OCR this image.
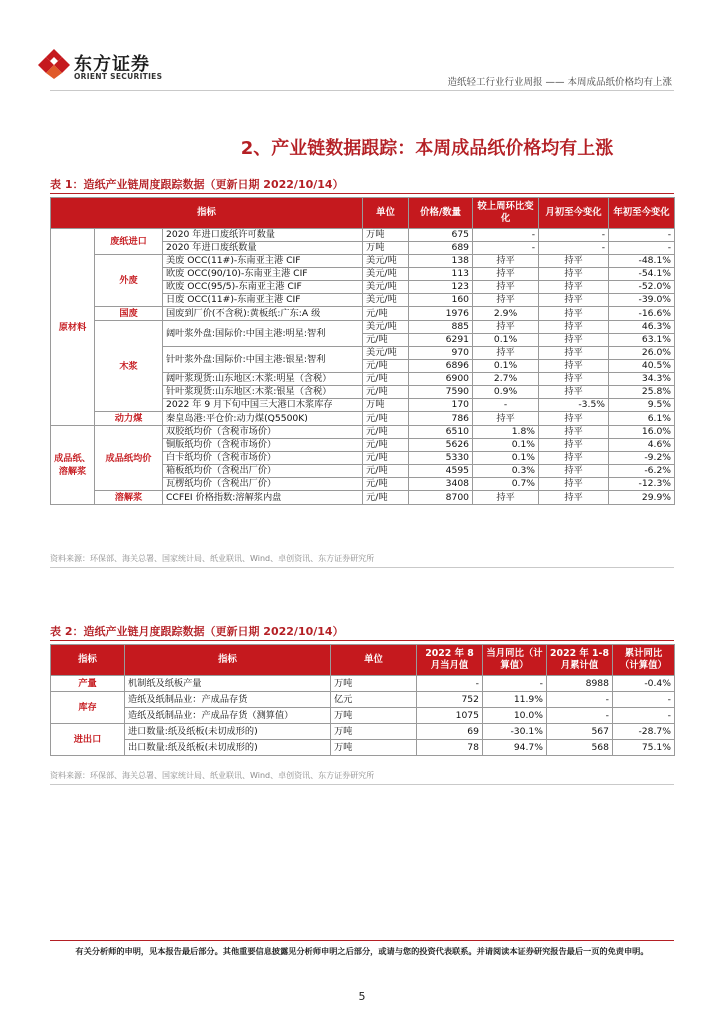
东方证券
ORIENT SECURITIES
造纸轻工行业行业周报 —— 本周成品纸价格均有上涨
2、产业链数据跟踪：本周成品纸价格均有上涨
表 1：造纸产业链周度跟踪数据（更新日期 2022/10/14）
指标			单位	价格/数量	较上周环比变化	月初至今变化	年初至今变化
原材料	废纸进口	2020 年进口废纸许可数量	万吨	675	-	-	-
		2020 年进口废纸数量	万吨	689	-	-	-
	外废	美废 OCC(11#)-东南亚主港 CIF	美元/吨	138	持平	持平	-48.1%
		欧废 OCC(90/10)-东南亚主港 CIF	美元/吨	113	持平	持平	-54.1%
		欧废 OCC(95/5)-东南亚主港 CIF	美元/吨	123	持平	持平	-52.0%
		日废 OCC(11#)-东南亚主港 CIF	美元/吨	160	持平	持平	-39.0%
	国废	国废到厂价(不含税):黄板纸:广东:A 级	元/吨	1976	2.9%	持平	-16.6%
	木浆	阔叶浆外盘:国际价:中国主港:明星:智利	美元/吨	885	持平	持平	46.3%
			元/吨	6291	0.1%	持平	63.1%
		针叶浆外盘:国际价:中国主港:银星:智利	美元/吨	970	持平	持平	26.0%
			元/吨	6896	0.1%	持平	40.5%
		阔叶浆现货:山东地区:木浆:明星（含税）	元/吨	6900	2.7%	持平	34.3%
		针叶浆现货:山东地区:木浆:银星（含税）	元/吨	7590	0.9%	持平	25.8%
		2022 年 9 月下旬中国三大港口木浆库存	万吨	170	-	-3.5%	9.5%
	动力煤	秦皇岛港:平仓价:动力煤(Q5500K)	元/吨	786	持平	持平	6.1%
成品纸、溶解浆	成品纸均价	双胶纸均价（含税市场价）	元/吨	6510	1.8%	持平	16.0%
		铜版纸均价（含税市场价）	元/吨	5626	0.1%	持平	4.6%
		白卡纸均价（含税市场价）	元/吨	5330	0.1%	持平	-9.2%
		箱板纸均价（含税出厂价）	元/吨	4595	0.3%	持平	-6.2%
		瓦楞纸均价（含税出厂价）	元/吨	3408	0.7%	持平	-12.3%
	溶解浆	CCFEI 价格指数:溶解浆内盘	元/吨	8700	持平	持平	29.9%
资料来源：环保部、海关总署、国家统计局、纸业联讯、Wind、卓创资讯、东方证券研究所
表 2：造纸产业链月度跟踪数据（更新日期 2022/10/14）
指标	指标	单位	2022 年 8 月当月值	当月同比（计算值）	2022 年 1-8 月累计值	累计同比（计算值）
产量	机制纸及纸板产量	万吨	-	-	8988	-0.4%
库存	造纸及纸制品业：产成品存货	亿元	752	11.9%	-	-
	造纸及纸制品业：产成品存货（测算值）	万吨	1075	10.0%	-	-
进出口	进口数量:纸及纸板(未切成形的)	万吨	69	-30.1%	567	-28.7%
	出口数量:纸及纸板(未切成形的)	万吨	78	94.7%	568	75.1%
资料来源：环保部、海关总署、国家统计局、纸业联讯、Wind、卓创资讯、东方证券研究所
有关分析师的申明，见本报告最后部分。其他重要信息披露见分析师申明之后部分，或请与您的投资代表联系。并请阅读本证券研究报告最后一页的免责申明。
5
